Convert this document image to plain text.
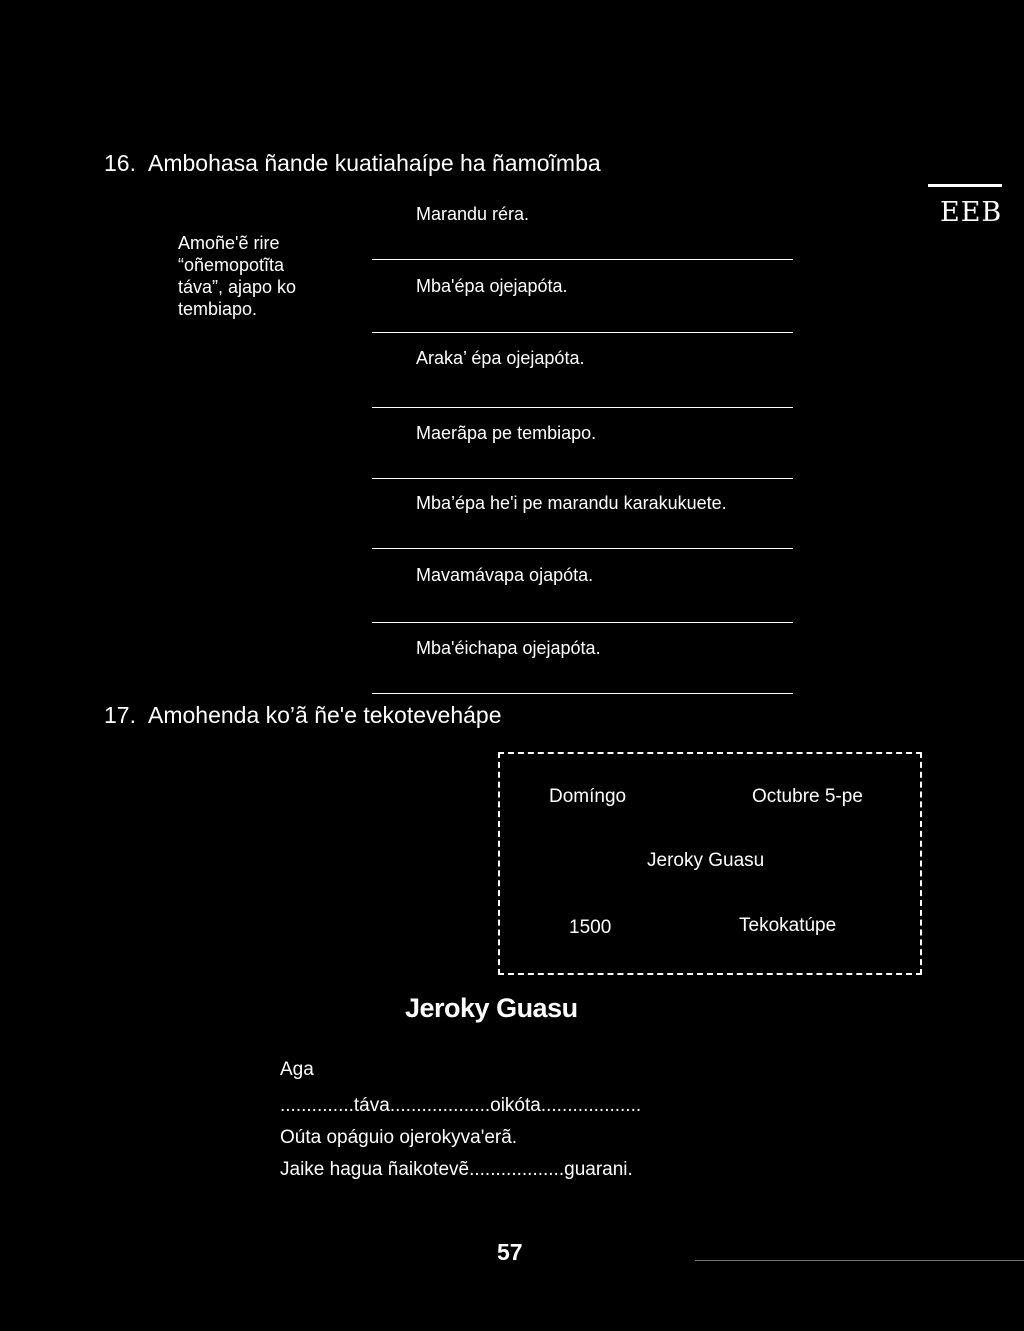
16. Ambohasa ñande kuatiahaípe ha ñamoĩmba
Amoñe'ẽ rire
“oñemopotĩta
táva”, ajapo ko
tembiapo.
EEB
Marandu réra.
Mba'épa ojejapóta.
Araka’ épa ojejapóta.
Maerãpa pe tembiapo.
Mba’épa he'i pe marandu karakukuete.
Mavamávapa ojapóta.
Mba'éichapa ojejapóta.
17. Amohenda ko’ã ñe'e tekotevehápe
Domíngo	Octubre 5-pe
Jeroky Guasu
1500	Tekokatúpe
Jeroky Guasu
Aga
..............táva...................oikóta...................
Oúta opáguio ojerokyva'erã.
Jaike hagua ñaikotevẽ..................guarani.
57
